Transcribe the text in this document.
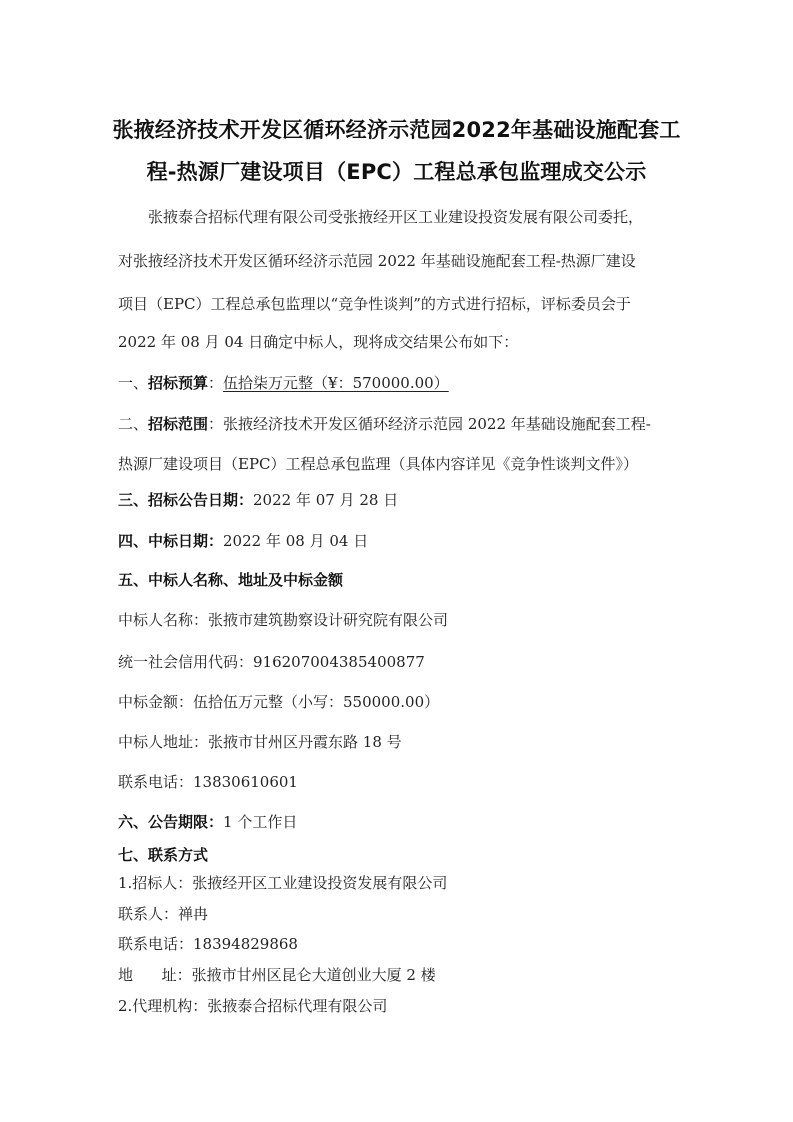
张掖经济技术开发区循环经济示范园2022年基础设施配套工
程-热源厂建设项目（EPC）工程总承包监理成交公示
张掖泰合招标代理有限公司受张掖经开区工业建设投资发展有限公司委托，
对张掖经济技术开发区循环经济示范园 2022 年基础设施配套工程-热源厂建设
项目（EPC）工程总承包监理以“竞争性谈判”的方式进行招标，评标委员会于
2022 年 08 月 04 日确定中标人，现将成交结果公布如下：
一、招标预算：伍拾柒万元整（¥：570000.00）
二、招标范围：张掖经济技术开发区循环经济示范园 2022 年基础设施配套工程-
热源厂建设项目（EPC）工程总承包监理（具体内容详见《竞争性谈判文件》）
三、招标公告日期：2022 年 07 月 28 日
四、中标日期：2022 年 08 月 04 日
五、中标人名称、地址及中标金额
中标人名称：张掖市建筑勘察设计研究院有限公司
统一社会信用代码：916207004385400877
中标金额：伍拾伍万元整（小写：550000.00）
中标人地址：张掖市甘州区丹霞东路 18 号
联系电话：13830610601
六、公告期限：1 个工作日
七、联系方式
1.招标人：张掖经开区工业建设投资发展有限公司
联系人：禅冉
联系电话：18394829868
地      址：张掖市甘州区昆仑大道创业大厦 2 楼
2.代理机构：张掖泰合招标代理有限公司
